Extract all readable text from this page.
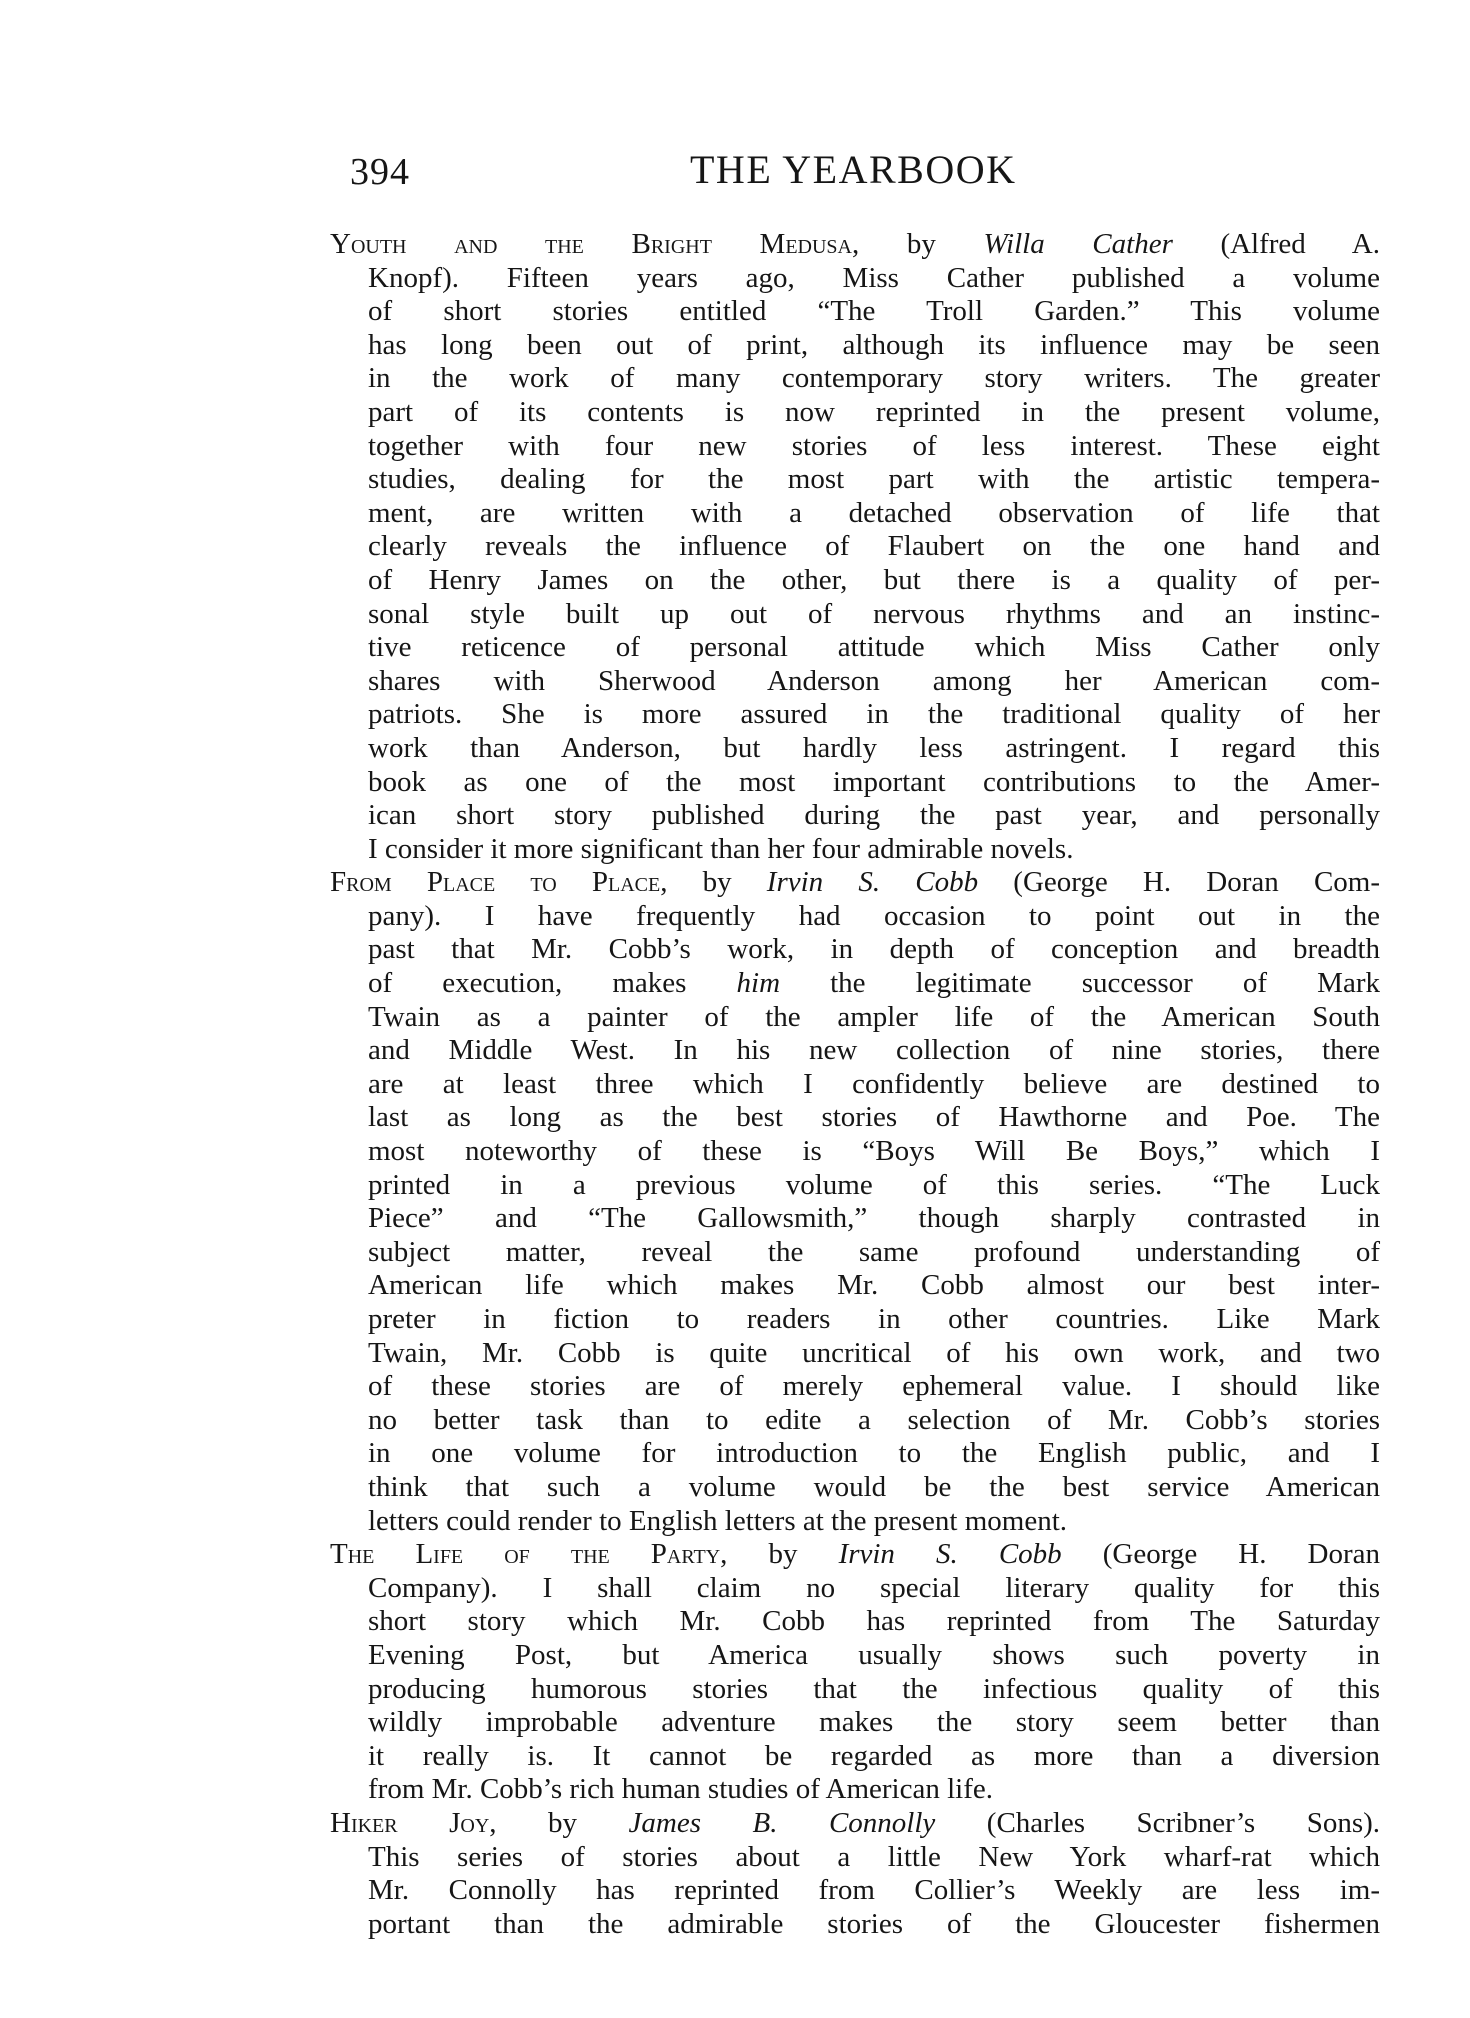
394	THE YEARBOOK
Youth and the Bright Medusa, by Willa Cather (Alfred A.
Knopf). Fifteen years ago, Miss Cather published a volume
of short stories entitled “The Troll Garden.” This volume
has long been out of print, although its influence may be seen
in the work of many contemporary story writers. The greater
part of its contents is now reprinted in the present volume,
together with four new stories of less interest. These eight
studies, dealing for the most part with the artistic tempera-
ment, are written with a detached observation of life that
clearly reveals the influence of Flaubert on the one hand and
of Henry James on the other, but there is a quality of per-
sonal style built up out of nervous rhythms and an instinc-
tive reticence of personal attitude which Miss Cather only
shares with Sherwood Anderson among her American com-
patriots. She is more assured in the traditional quality of her
work than Anderson, but hardly less astringent. I regard this
book as one of the most important contributions to the Amer-
ican short story published during the past year, and personally
I consider it more significant than her four admirable novels.
From Place to Place, by Irvin S. Cobb (George H. Doran Com-
pany). I have frequently had occasion to point out in the
past that Mr. Cobb’s work, in depth of conception and breadth
of execution, makes him the legitimate successor of Mark
Twain as a painter of the ampler life of the American South
and Middle West. In his new collection of nine stories, there
are at least three which I confidently believe are destined to
last as long as the best stories of Hawthorne and Poe. The
most noteworthy of these is “Boys Will Be Boys,” which I
printed in a previous volume of this series. “The Luck
Piece” and “The Gallowsmith,” though sharply contrasted in
subject matter, reveal the same profound understanding of
American life which makes Mr. Cobb almost our best inter-
preter in fiction to readers in other countries. Like Mark
Twain, Mr. Cobb is quite uncritical of his own work, and two
of these stories are of merely ephemeral value. I should like
no better task than to edite a selection of Mr. Cobb’s stories
in one volume for introduction to the English public, and I
think that such a volume would be the best service American
letters could render to English letters at the present moment.
The Life of the Party, by Irvin S. Cobb (George H. Doran
Company). I shall claim no special literary quality for this
short story which Mr. Cobb has reprinted from The Saturday
Evening Post, but America usually shows such poverty in
producing humorous stories that the infectious quality of this
wildly improbable adventure makes the story seem better than
it really is. It cannot be regarded as more than a diversion
from Mr. Cobb’s rich human studies of American life.
Hiker Joy, by James B. Connolly (Charles Scribner’s Sons).
This series of stories about a little New York wharf-rat which
Mr. Connolly has reprinted from Collier’s Weekly are less im-
portant than the admirable stories of the Gloucester fishermen
